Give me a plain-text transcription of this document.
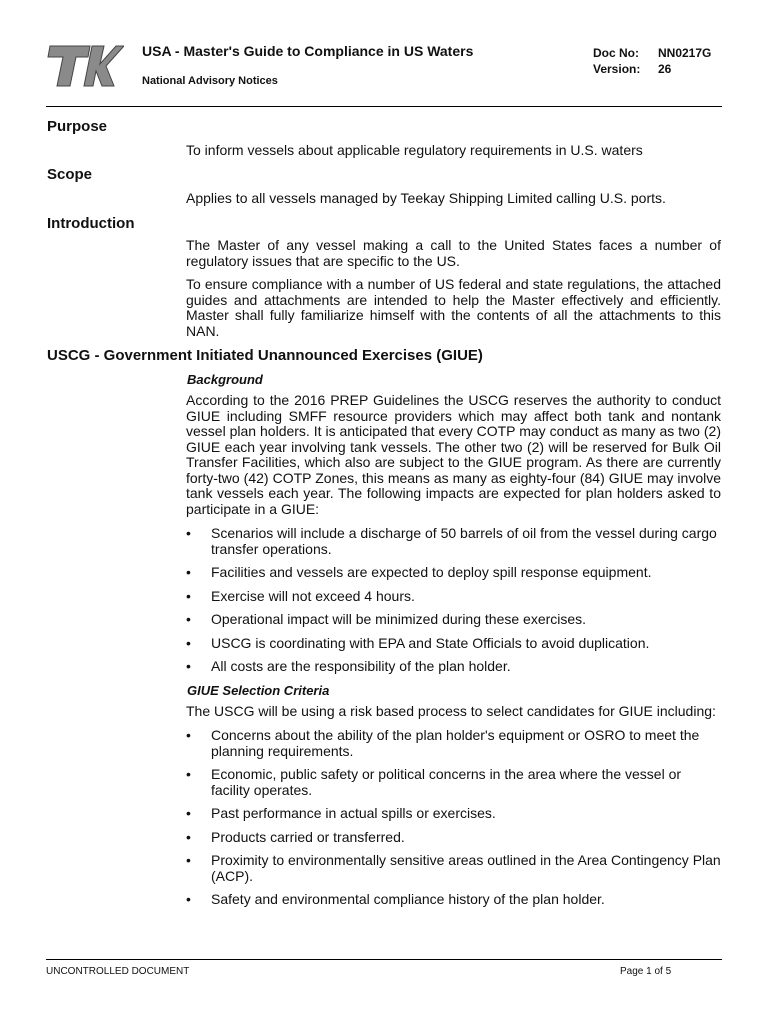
USA - Master's Guide to Compliance in US Waters
National Advisory Notices
Doc No: NN0217G
Version: 26
Purpose
To inform vessels about applicable regulatory requirements in U.S. waters
Scope
Applies to all vessels managed by Teekay Shipping Limited calling U.S. ports.
Introduction
The Master of any vessel making a call to the United States faces a number of regulatory issues that are specific to the US.
To ensure compliance with a number of US federal and state regulations, the attached guides and attachments are intended to help the Master effectively and efficiently. Master shall fully familiarize himself with the contents of all the attachments to this NAN.
USCG - Government Initiated Unannounced Exercises (GIUE)
Background
According to the 2016 PREP Guidelines the USCG reserves the authority to conduct GIUE including SMFF resource providers which may affect both tank and nontank vessel plan holders. It is anticipated that every COTP may conduct as many as two (2) GIUE each year involving tank vessels. The other two (2) will be reserved for Bulk Oil Transfer Facilities, which also are subject to the GIUE program. As there are currently forty-two (42) COTP Zones, this means as many as eighty-four (84) GIUE may involve tank vessels each year. The following impacts are expected for plan holders asked to participate in a GIUE:
• Scenarios will include a discharge of 50 barrels of oil from the vessel during cargo transfer operations.
• Facilities and vessels are expected to deploy spill response equipment.
• Exercise will not exceed 4 hours.
• Operational impact will be minimized during these exercises.
• USCG is coordinating with EPA and State Officials to avoid duplication.
• All costs are the responsibility of the plan holder.
GIUE Selection Criteria
The USCG will be using a risk based process to select candidates for GIUE including:
• Concerns about the ability of the plan holder's equipment or OSRO to meet the planning requirements.
• Economic, public safety or political concerns in the area where the vessel or facility operates.
• Past performance in actual spills or exercises.
• Products carried or transferred.
• Proximity to environmentally sensitive areas outlined in the Area Contingency Plan (ACP).
• Safety and environmental compliance history of the plan holder.
UNCONTROLLED DOCUMENT	Page 1 of 5
